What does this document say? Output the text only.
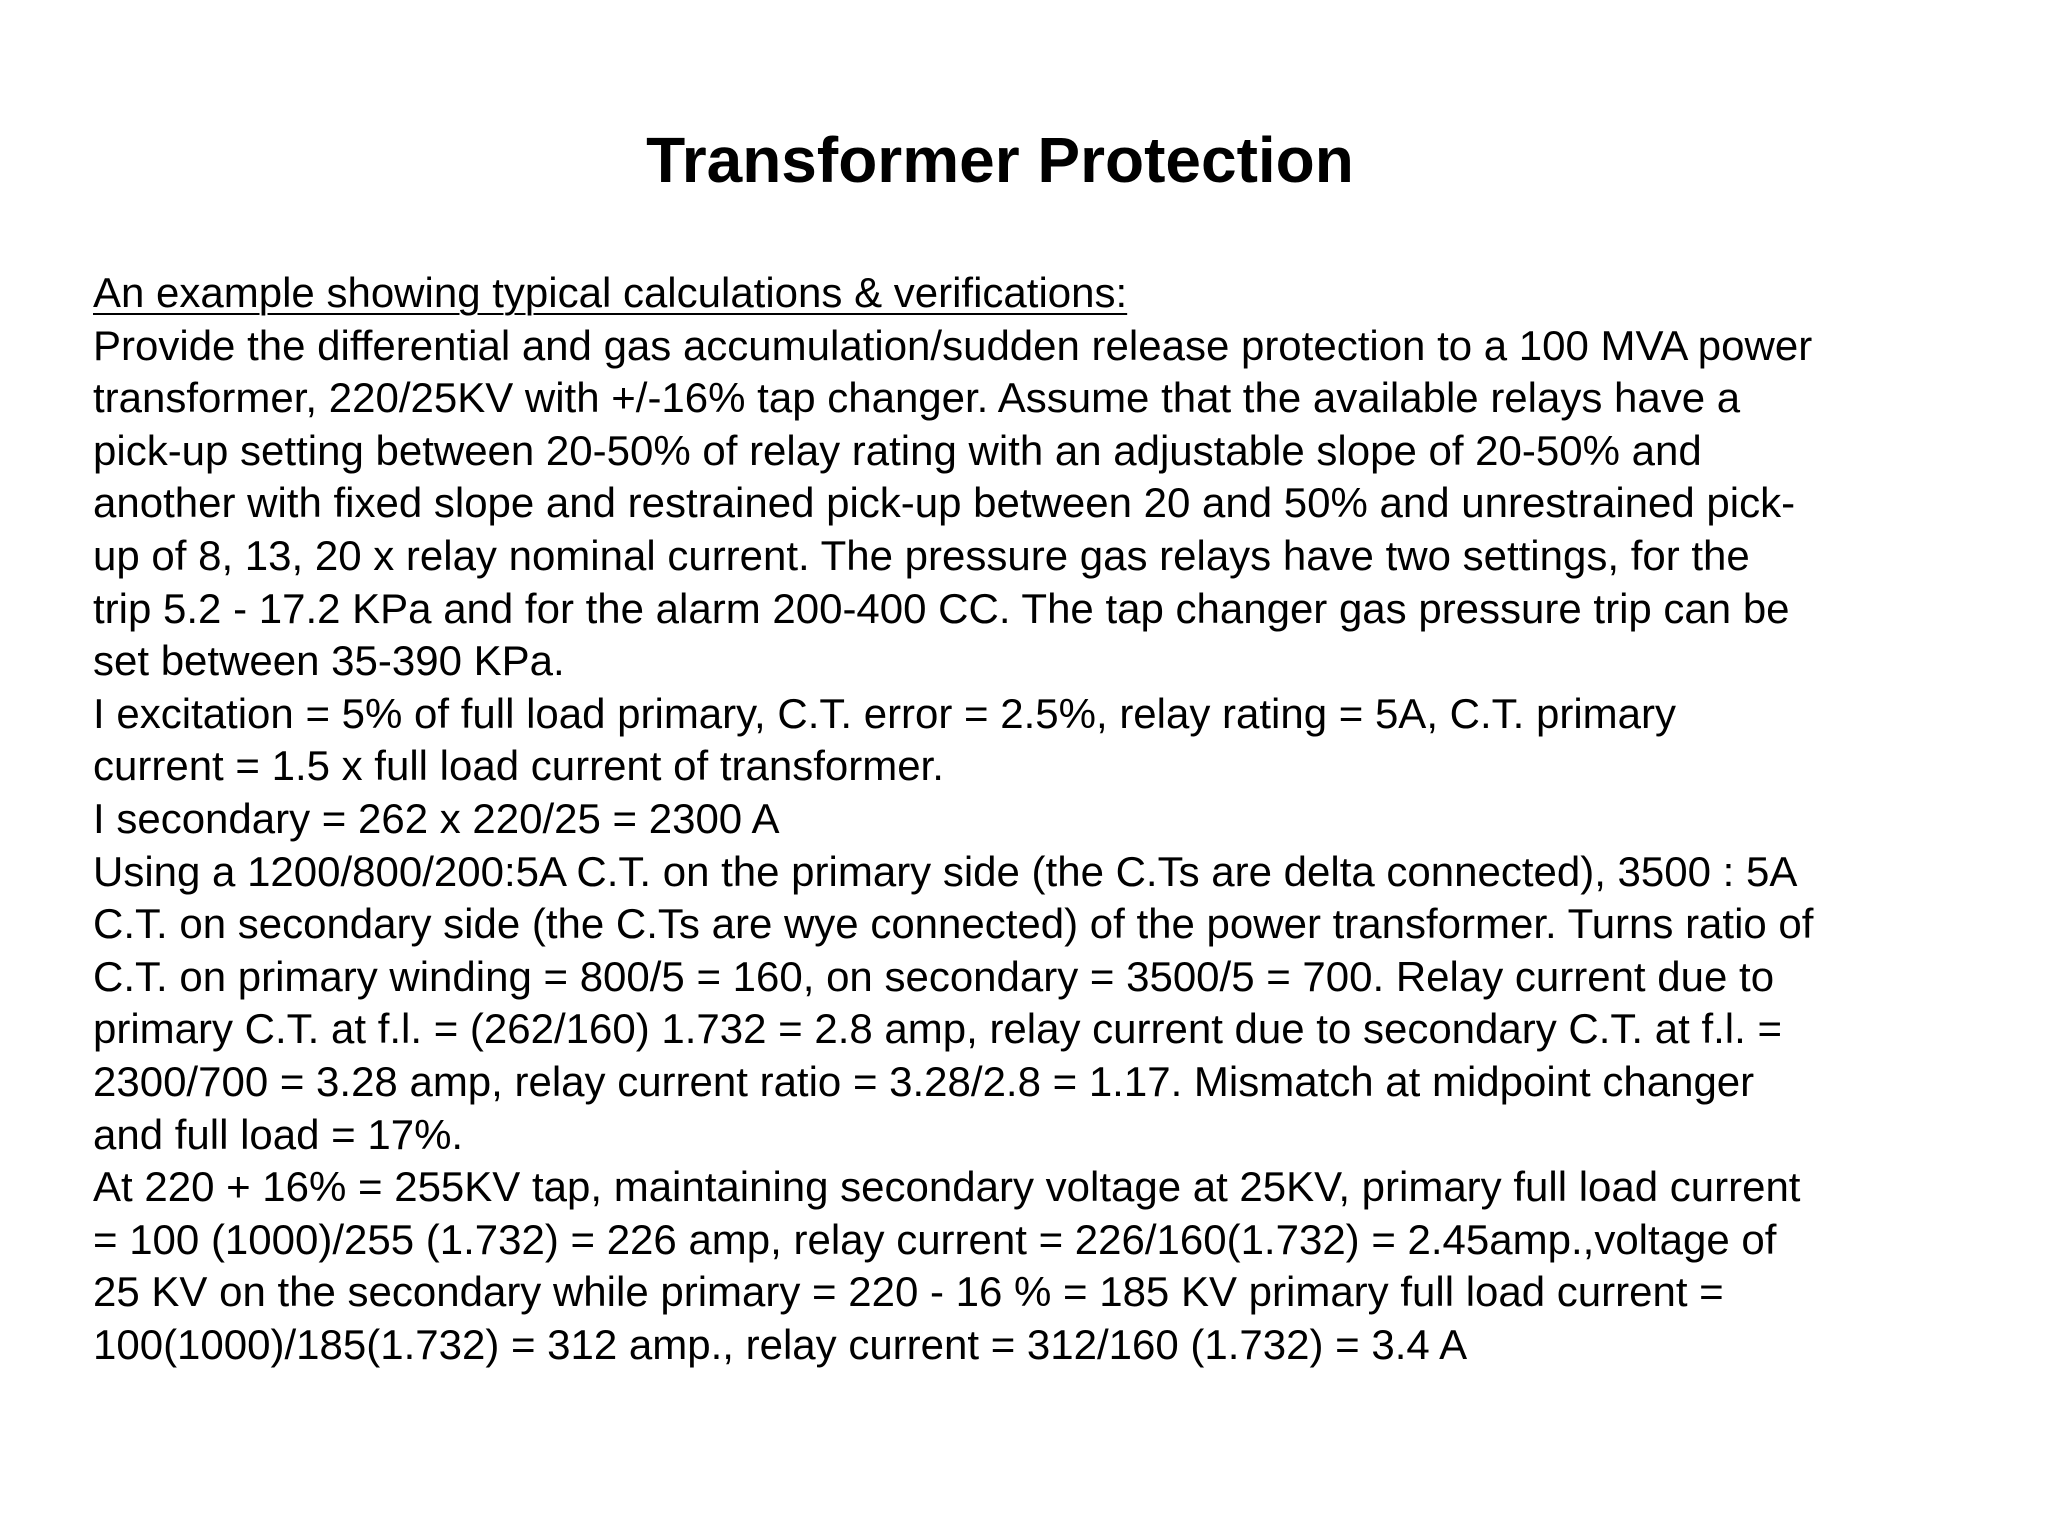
Transformer Protection
An example showing typical calculations & verifications:
Provide the differential and gas accumulation/sudden release protection to a 100 MVA power
transformer, 220/25KV with +/-16% tap changer. Assume that the available relays have a
pick-up setting between 20-50% of relay rating with an adjustable slope of 20-50% and
another with fixed slope and restrained pick-up between 20 and 50% and unrestrained pick-
up of 8, 13, 20 x relay nominal current. The pressure gas relays have two settings, for the
trip 5.2 - 17.2 KPa and for the alarm 200-400 CC. The tap changer gas pressure trip can be
set between 35-390 KPa.
I excitation = 5% of full load primary, C.T. error = 2.5%, relay rating = 5A, C.T. primary
current = 1.5 x full load current of transformer.
I secondary = 262 x 220/25 = 2300 A
Using a 1200/800/200:5A C.T. on the primary side (the C.Ts are delta connected), 3500 : 5A
C.T. on secondary side (the C.Ts are wye connected) of the power transformer. Turns ratio of
C.T. on primary winding = 800/5 = 160, on secondary = 3500/5 = 700. Relay current due to
primary C.T. at f.l. = (262/160) 1.732 = 2.8 amp, relay current due to secondary C.T. at f.l. =
2300/700 = 3.28 amp, relay current ratio = 3.28/2.8 = 1.17. Mismatch at midpoint changer
and full load = 17%.
At 220 + 16% = 255KV tap, maintaining secondary voltage at 25KV, primary full load current
= 100 (1000)/255 (1.732) = 226 amp, relay current = 226/160(1.732) = 2.45amp.,voltage of
25 KV on the secondary while primary = 220 - 16 % = 185 KV primary full load current =
100(1000)/185(1.732) = 312 amp., relay current = 312/160 (1.732) = 3.4 A
